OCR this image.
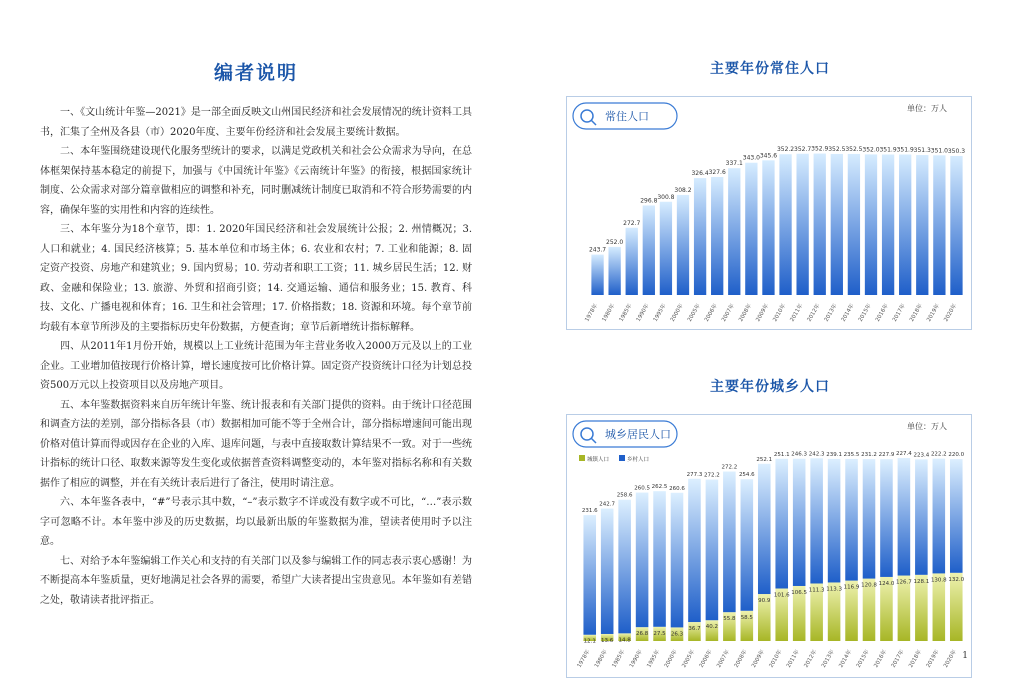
编者说明

一、《文山统计年鉴—2021》是一部全面反映文山州国民经济和社会发展情况的统计资料工具书，汇集了全州及各县（市）2020年度、主要年份经济和社会发展主要统计数据。

二、本年鉴围绕建设现代化服务型统计的要求，以满足党政机关和社会公众需求为导向，在总体框架保持基本稳定的前提下，加强与《中国统计年鉴》《云南统计年鉴》的衔接，根据国家统计制度、公众需求对部分篇章做相应的调整和补充，同时删减统计制度已取消和不符合形势需要的内容，确保年鉴的实用性和内容的连续性。

三、本年鉴分为18个章节，即：1. 2020年国民经济和社会发展统计公报；2. 州情概况；3. 人口和就业；4. 国民经济核算；5. 基本单位和市场主体；6. 农业和农村；7. 工业和能源；8. 固定资产投资、房地产和建筑业；9. 国内贸易；10. 劳动者和职工工资；11. 城乡居民生活；12. 财政、金融和保险业；13. 旅游、外贸和招商引资；14. 交通运输、通信和服务业；15. 教育、科技、文化、广播电视和体育；16. 卫生和社会管理；17. 价格指数；18. 资源和环境。每个章节前均载有本章节所涉及的主要指标历史年份数据，方便查询；章节后新增统计指标解释。

四、从2011年1月份开始，规模以上工业统计范围为年主营业务收入2000万元及以上的工业企业。工业增加值按现行价格计算，增长速度按可比价格计算。固定资产投资统计口径为计划总投资500万元以上投资项目以及房地产项目。

五、本年鉴数据资料来自历年统计年鉴、统计报表和有关部门提供的资料。由于统计口径范围和调查方法的差别，部分指标各县（市）数据相加可能不等于全州合计，部分指标增速间可能出现价格对值计算而得或因存在企业的入库、退库问题，与表中直接取数计算结果不一致。对于一些统计指标的统计口径、取数来源等发生变化或依据普查资料调整变动的，本年鉴对指标名称和有关数据作了相应的调整，并在有关统计表后进行了备注，使用时请注意。

六、本年鉴各表中，“#”号表示其中数，“–”表示数字不详或没有数字或不可比，“…”表示数字可忽略不计。本年鉴中涉及的历史数据，均以最新出版的年鉴数据为准，望读者使用时予以注意。

七、对给予本年鉴编辑工作关心和支持的有关部门以及参与编辑工作的同志表示衷心感谢！为不断提高本年鉴质量，更好地满足社会各界的需要，希望广大读者提出宝贵意见。本年鉴如有差错之处，敬请读者批评指正。

主要年份常住人口
常住人口
单位：万人
243.7
1978年
252.0
1980年
272.7
1985年
296.8
1990年
300.8
1995年
308.2
2000年
326.4
2005年
327.6
2006年
337.1
2007年
343.0
2008年
345.6
2009年
352.2
2010年
352.7
2011年
352.9
2012年
352.5
2013年
352.5
2014年
352.0
2015年
351.9
2016年
351.9
2017年
351.3
2018年
351.0
2019年
350.3
2020年
主要年份城乡人口
城乡居民人口
单位：万人
城镇人口	乡村人口
12.1
231.6
1978年
13.6
242.7
1980年
14.8
258.6
1985年
26.8
260.5
1990年
27.5
262.5
1995年
26.3
260.6
2000年
36.7
277.3
2005年
40.2
272.2
2006年
55.8
272.2
2007年
58.5
254.6
2008年
90.9
252.1
2009年
101.6
251.1
2010年
106.5
246.3
2011年
111.3
242.3
2012年
113.3
239.1
2013年
116.9
235.5
2014年
120.8
231.2
2015年
124.0
227.9
2016年
126.7
227.4
2017年
128.1
223.4
2018年
130.8
222.2
2019年
132.0
220.0
2020年 1
